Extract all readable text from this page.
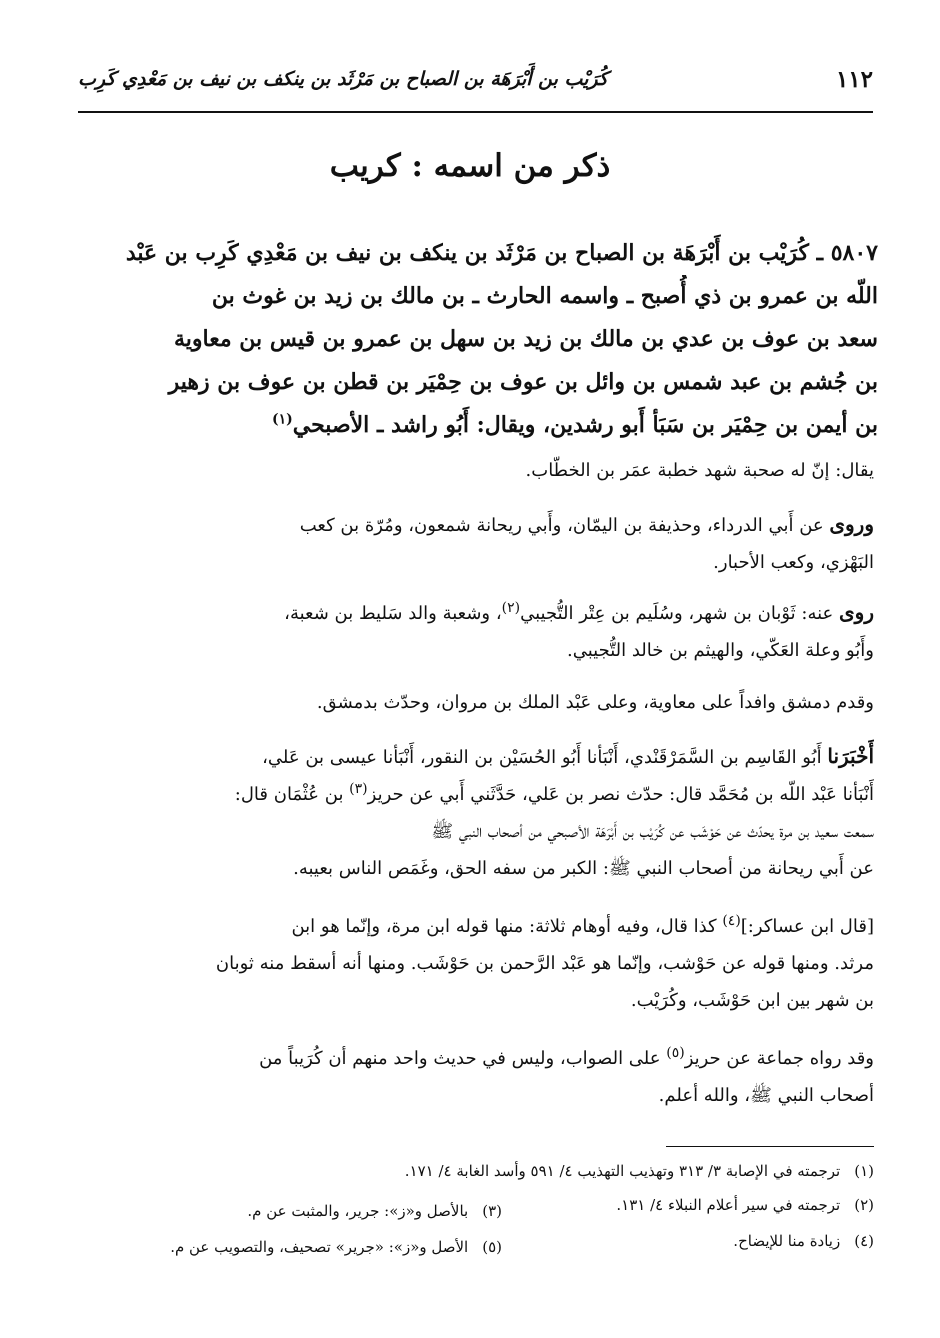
١١٢
كُرَيْب بن أَبْرَهَة بن الصباح بن مَرْثَد بن ينكف بن نيف بن مَعْدِي كَرِب
ذكر من اسمه : كريب
٥٨٠٧ ـ كُرَيْب بن أَبْرَهَة بن الصباح بن مَرْثَد بن ينكف بن نيف بن مَعْدِي كَرِب بن عَبْد
اللّه بن عمرو بن ذي أُصبح ـ واسمه الحارث ـ بن مالك بن زيد بن غوث بن
سعد بن عوف بن عدي بن مالك بن زيد بن سهل بن عمرو بن قيس بن معاوية
بن جُشم بن عبد شمس بن وائل بن عوف بن حِمْيَر بن قطن بن عوف بن زهير
بن أيمن بن حِمْيَر بن سَبَأ أَبو رشدين، ويقال: أَبُو راشد ـ الأصبحي$^{(١)}$
يقال: إنّ له صحبة شهد خطبة عمَر بن الخطّاب.
وروى عن أَبي الدرداء، وحذيفة بن اليمّان، وأَبي ريحانة شمعون، ومُرّة بن كعب
البَهْزي، وكعب الأحبار.
روى عنه: ثَوْبان بن شهر، وسُلَيم بن عِتْر التُّجيبي$^{(٢)}$، وشعبة والد سَليط بن شعبة،
وأَبُو وعلة العَكّي، والهيثم بن خالد التُّجيبي.
وقدم دمشق وافداً على معاوية، وعلى عَبْد الملك بن مروان، وحدّث بدمشق.
أَخْبَرَنا أَبُو القَاسِم بن السَّمَرْقَنْدي، أَنْبَأنا أَبُو الحُسَيْن بن النقور، أَنْبَأنا عيسى بن عَلي،
أَنْبَأنا عَبْد اللّه بن مُحَمَّد قال: حدّث نصر بن عَلي، حَدَّثَني أَبي عن حريز$^{(٣)}$ بن عُثْمَان قال:
سمعت سعيد بن مرة يحدّث عن حَوْشَب عن كُرَيْب بن أَبْرَهَة الأصبحي من أصحاب النبي ﷺ
عن أَبي ريحانة من أصحاب النبي ﷺ: الكبر من سفه الحق، وغَمَص الناس بعيبه.
[قال ابن عساكر:]$^{(٤)}$ كذا قال، وفيه أوهام ثلاثة: منها قوله ابن مرة، وإنّما هو ابن
مرثد. ومنها قوله عن حَوْشب، وإنّما هو عَبْد الرَّحمن بن حَوْشَب. ومنها أنه أسقط منه ثوبان
بن شهر بين ابن حَوْشَب، وكُرَيْب.
وقد رواه جماعة عن حريز$^{(٥)}$ على الصواب، وليس في حديث واحد منهم أن كُرَيباً من
أصحاب النبي ﷺ، والله أعلم.
(١)ترجمته في الإصابة ٣/ ٣١٣ وتهذيب التهذيب ٤/ ٥٩١ وأسد الغابة ٤/ ١٧١.
(٢)ترجمته في سير أعلام النبلاء ٤/ ١٣١.
(٣)بالأصل و«ز»: جرير، والمثبت عن م.
(٤)زيادة منا للإيضاح.
(٥)الأصل و«ز»: «جرير» تصحيف، والتصويب عن م.
